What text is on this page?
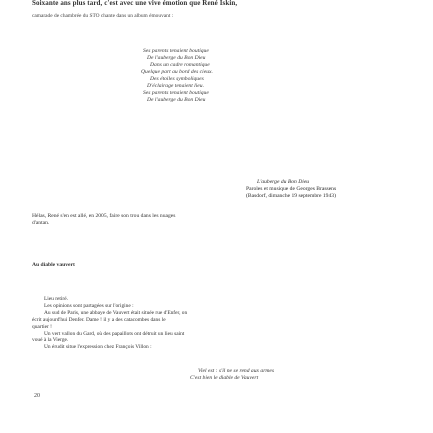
Soixante ans plus tard, c'est avec une vive émotion que René Iskin,
camarade de chambrée du STO chante dans un album émouvant :
Ses parents tenaient boutique
De l'auberge du Bon Dieu
Dans un cadre romantique
Quelque part au bord des cieux.
Des étoiles symboliques
D'éclairage tenaient lieu.
Ses parents tenaient boutique
De l'auberge du Bon Dieu
L'auberge du Bon Dieu
Paroles et musique de Georges Brassens
(Basdorf, dimanche 19 septembre 1943)
Hélas, René s'en est allé, en 2005, faire son trou dans les nuages
d'antan.
Au diable vauvert
Lieu retiré.
Les opinions sont partagées sur l'origine :
Au sud de Paris, une abbaye de Vauvert était située rue d'Enfer, on
écrit aujourd'hui Denfer. Dame ! il y a des catacombes dans le
quartier !
Un vert vallon du Gard, où des papaillots ont détruit un lieu saint
voué à la Vierge.
Un érudit situe l'expression chez François Villon :
Viel est : s'il ne se rend aux armes
C'est bien le diable de Vauvert
20
